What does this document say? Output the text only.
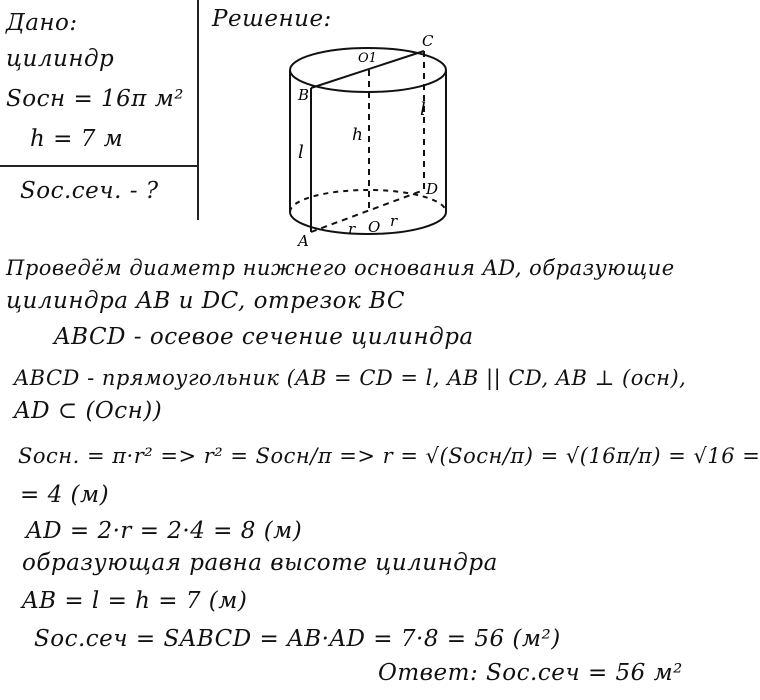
Дано:
цилиндр
Sосн = 16π м²
h = 7 м
Sос.сеч. - ?
Решение:
C
B
O1
h
l
l
D
A
O
r r
Проведём диаметр нижнего основания AD, образующие
цилиндра AB и DC, отрезок BC
ABCD - осевое сечение цилиндра
ABCD - прямоугольник (AB = CD = l, AB || CD, AB ⊥ (осн),
AD ⊂ (Осн))
Sосн. = π·r² => r² = Sосн/π => r = √(Sосн/π) = √(16π/π) = √16 =
= 4 (м)
AD = 2·r = 2·4 = 8 (м)
образующая равна высоте цилиндра
AB = l = h = 7 (м)
Sос.сеч = SABCD = AB·AD = 7·8 = 56 (м²)
Ответ: Sос.сеч = 56 м²
